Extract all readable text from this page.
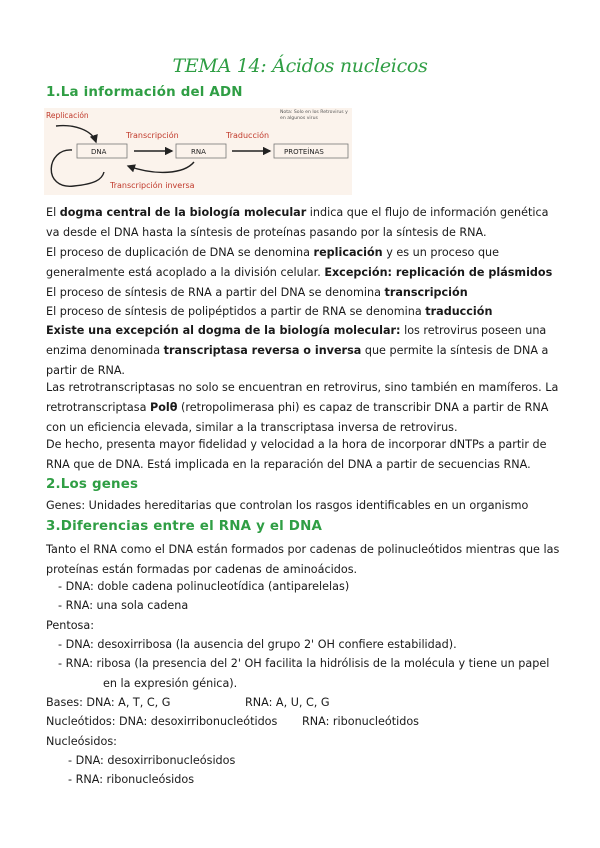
TEMA 14: Ácidos nucleicos
1.La información del ADN
Replicación
Transcripción	Traducción
DNA	RNA	PROTEÍNAS
Transcripción inversa
Nota: Solo en los Retrovirus y
en algunos virus
El dogma central de la biología molecular indica que el flujo de información genética va desde el DNA hasta la síntesis de proteínas pasando por la síntesis de RNA.
El proceso de duplicación de DNA se denomina replicación y es un proceso que generalmente está acoplado a la división celular. Excepción: replicación de plásmidos
El proceso de síntesis de RNA a partir del DNA se denomina transcripción
El proceso de síntesis de polipéptidos a partir de RNA se denomina traducción
Existe una excepción al dogma de la biología molecular: los retrovirus poseen una enzima denominada transcriptasa reversa o inversa que permite la síntesis de DNA a partir de RNA.
Las retrotranscriptasas no solo se encuentran en retrovirus, sino también en mamíferos. La retrotranscriptasa Polθ (retropolimerasa phi) es capaz de transcribir DNA a partir de RNA con un eficiencia elevada, similar a la transcriptasa inversa de retrovirus.
De hecho, presenta mayor fidelidad y velocidad a la hora de incorporar dNTPs a partir de RNA que de DNA. Está implicada en la reparación del DNA a partir de secuencias RNA.
2.Los genes
Genes: Unidades hereditarias que controlan los rasgos identificables en un organismo
3.Diferencias entre el RNA y el DNA
Tanto el RNA como el DNA están formados por cadenas de polinucleótidos mientras que las proteínas están formadas por cadenas de aminoácidos.
- DNA: doble cadena polinucleotídica (antiparelelas)
- RNA: una sola cadena
Pentosa:
- DNA: desoxirribosa (la ausencia del grupo 2' OH confiere estabilidad).
- RNA: ribosa (la presencia del 2' OH facilita la hidrólisis de la molécula y tiene un papel
en la expresión génica).
Bases: DNA: A, T, C, G	RNA: A, U, C, G
Nucleótidos: DNA: desoxirribonucleótidos RNA: ribonucleótidos
Nucleósidos:
- DNA: desoxirribonucleósidos
- RNA: ribonucleósidos
